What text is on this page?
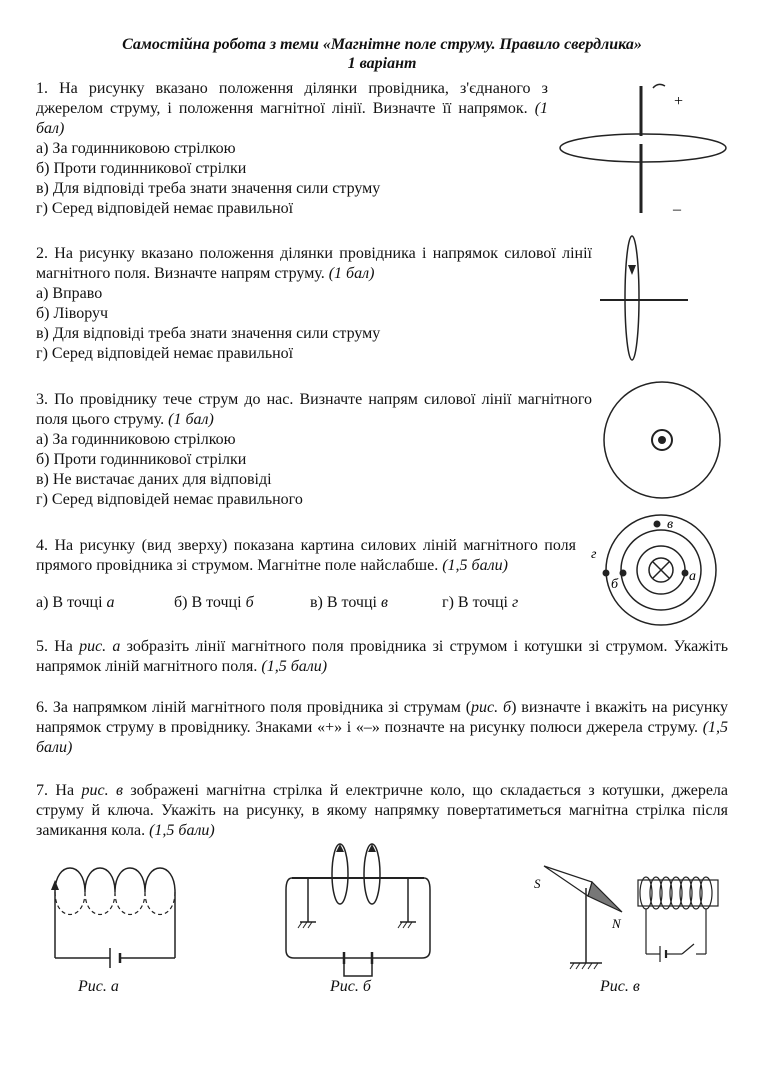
Самостійна робота з теми «Магнітне поле струму. Правило свердлика»
1 варіант

1. На рисунку вказано положення ділянки провідника, з'єднаного з джерелом струму, і положення магнітної лінії. Визначте її напрямок. (1 бал)

а) За годинниковою стрілкою
б) Проти годинникової стрілки
в) Для відповіді треба знати значення сили струму
г) Серед відповідей немає правильної
+
–

2. На рисунку вказано положення ділянки провідника і напрямок силової лінії магнітного поля. Визначте напрям струму. (1 бал)

а) Вправо
б) Ліворуч
в) Для відповіді треба знати значення сили струму
г) Серед відповідей немає правильної

3. По провіднику тече струм до нас. Визначте напрям силової лінії магнітного поля цього струму. (1 бал)

а) За годинниковою стрілкою
б) Проти годинникової стрілки
в) Не вистачає даних для відповіді
г) Серед відповідей немає правильного

4. На рисунку (вид зверху) показана картина силових ліній магнітного поля прямого провідника зі струмом. Магнітне поле найслабше. (1,5 бали)

а) В точці а	б) В точці б	в) В точці в	г) В точці г
в
г
б
а

5. На рис. а зобразіть лінії магнітного поля провідника зі струмом і котушки зі струмом. Укажіть напрямок ліній магнітного поля. (1,5 бали)

6. За напрямком ліній магнітного поля провідника зі струмам (рис. б) визначте і вкажіть на рисунку напрямок струму в провіднику. Знаками «+» і «–» позначте на рисунку полюси джерела струму. (1,5 бали)

7. На рис. в зображені магнітна стрілка й електричне коло, що складається з котушки, джерела струму й ключа. Укажіть на рисунку, в якому напрямку повертатиметься магнітна стрілка після замикання кола. (1,5 бали)

Рис. а	Рис. б
S
N
Рис. в
